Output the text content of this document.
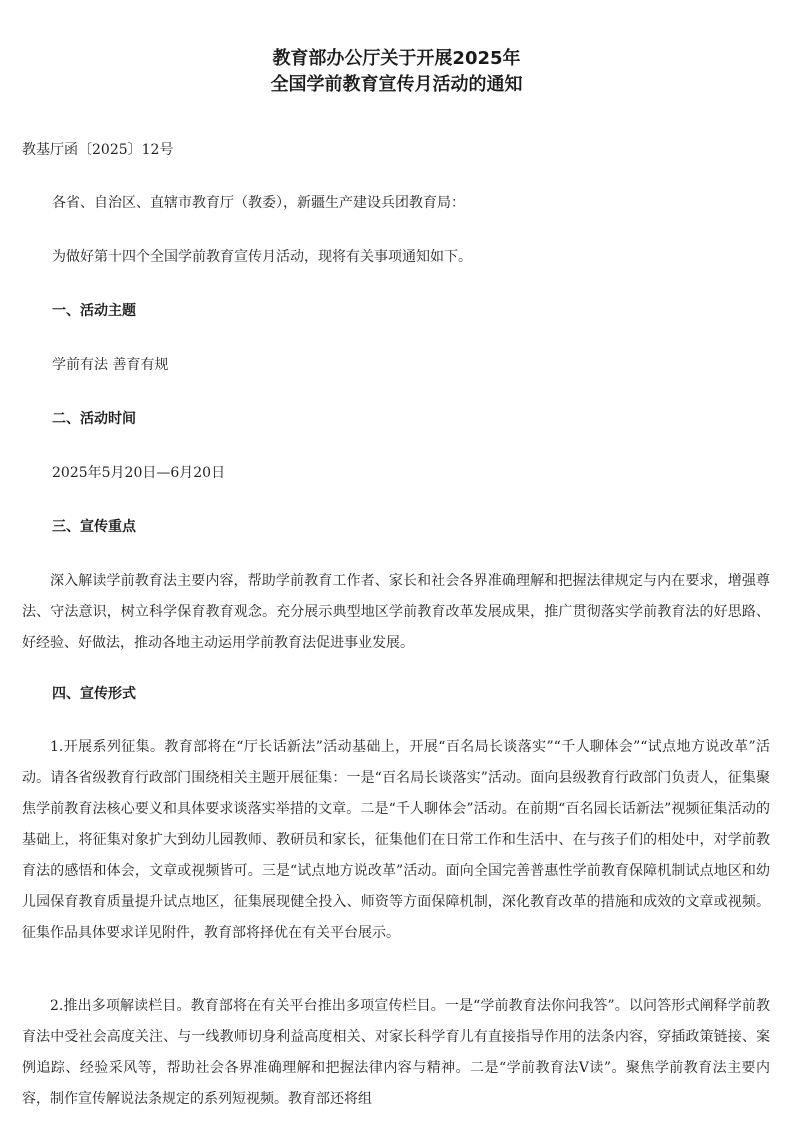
教育部办公厅关于开展2025年
全国学前教育宣传月活动的通知
教基厅函〔2025〕12号
各省、自治区、直辖市教育厅（教委），新疆生产建设兵团教育局：
为做好第十四个全国学前教育宣传月活动，现将有关事项通知如下。
一、活动主题
学前有法 善育有规
二、活动时间
2025年5月20日—6月20日
三、宣传重点

深入解读学前教育法主要内容，帮助学前教育工作者、家长和社会各界准确理解和把握法律规定与内在要求，增强尊法、守法意识，树立科学保育教育观念。充分展示典型地区学前教育改革发展成果，推广贯彻落实学前教育法的好思路、好经验、好做法，推动各地主动运用学前教育法促进事业发展。

四、宣传形式

1.开展系列征集。教育部将在“厅长话新法”活动基础上，开展“百名局长谈落实”“千人聊体会”“试点地方说改革”活动。请各省级教育行政部门围绕相关主题开展征集：一是“百名局长谈落实”活动。面向县级教育行政部门负责人，征集聚焦学前教育法核心要义和具体要求谈落实举措的文章。二是“千人聊体会”活动。在前期“百名园长话新法”视频征集活动的基础上，将征集对象扩大到幼儿园教师、教研员和家长，征集他们在日常工作和生活中、在与孩子们的相处中，对学前教育法的感悟和体会，文章或视频皆可。三是“试点地方说改革”活动。面向全国完善普惠性学前教育保障机制试点地区和幼儿园保育教育质量提升试点地区，征集展现健全投入、师资等方面保障机制，深化教育改革的措施和成效的文章或视频。征集作品具体要求详见附件，教育部将择优在有关平台展示。

2.推出多项解读栏目。教育部将在有关平台推出多项宣传栏目。一是“学前教育法你问我答”。以问答形式阐释学前教育法中受社会高度关注、与一线教师切身利益高度相关、对家长科学育儿有直接指导作用的法条内容，穿插政策链接、案例追踪、经验采风等，帮助社会各界准确理解和把握法律内容与精神。二是“学前教育法V读”。聚焦学前教育法主要内容，制作宣传解说法条规定的系列短视频。教育部还将组
